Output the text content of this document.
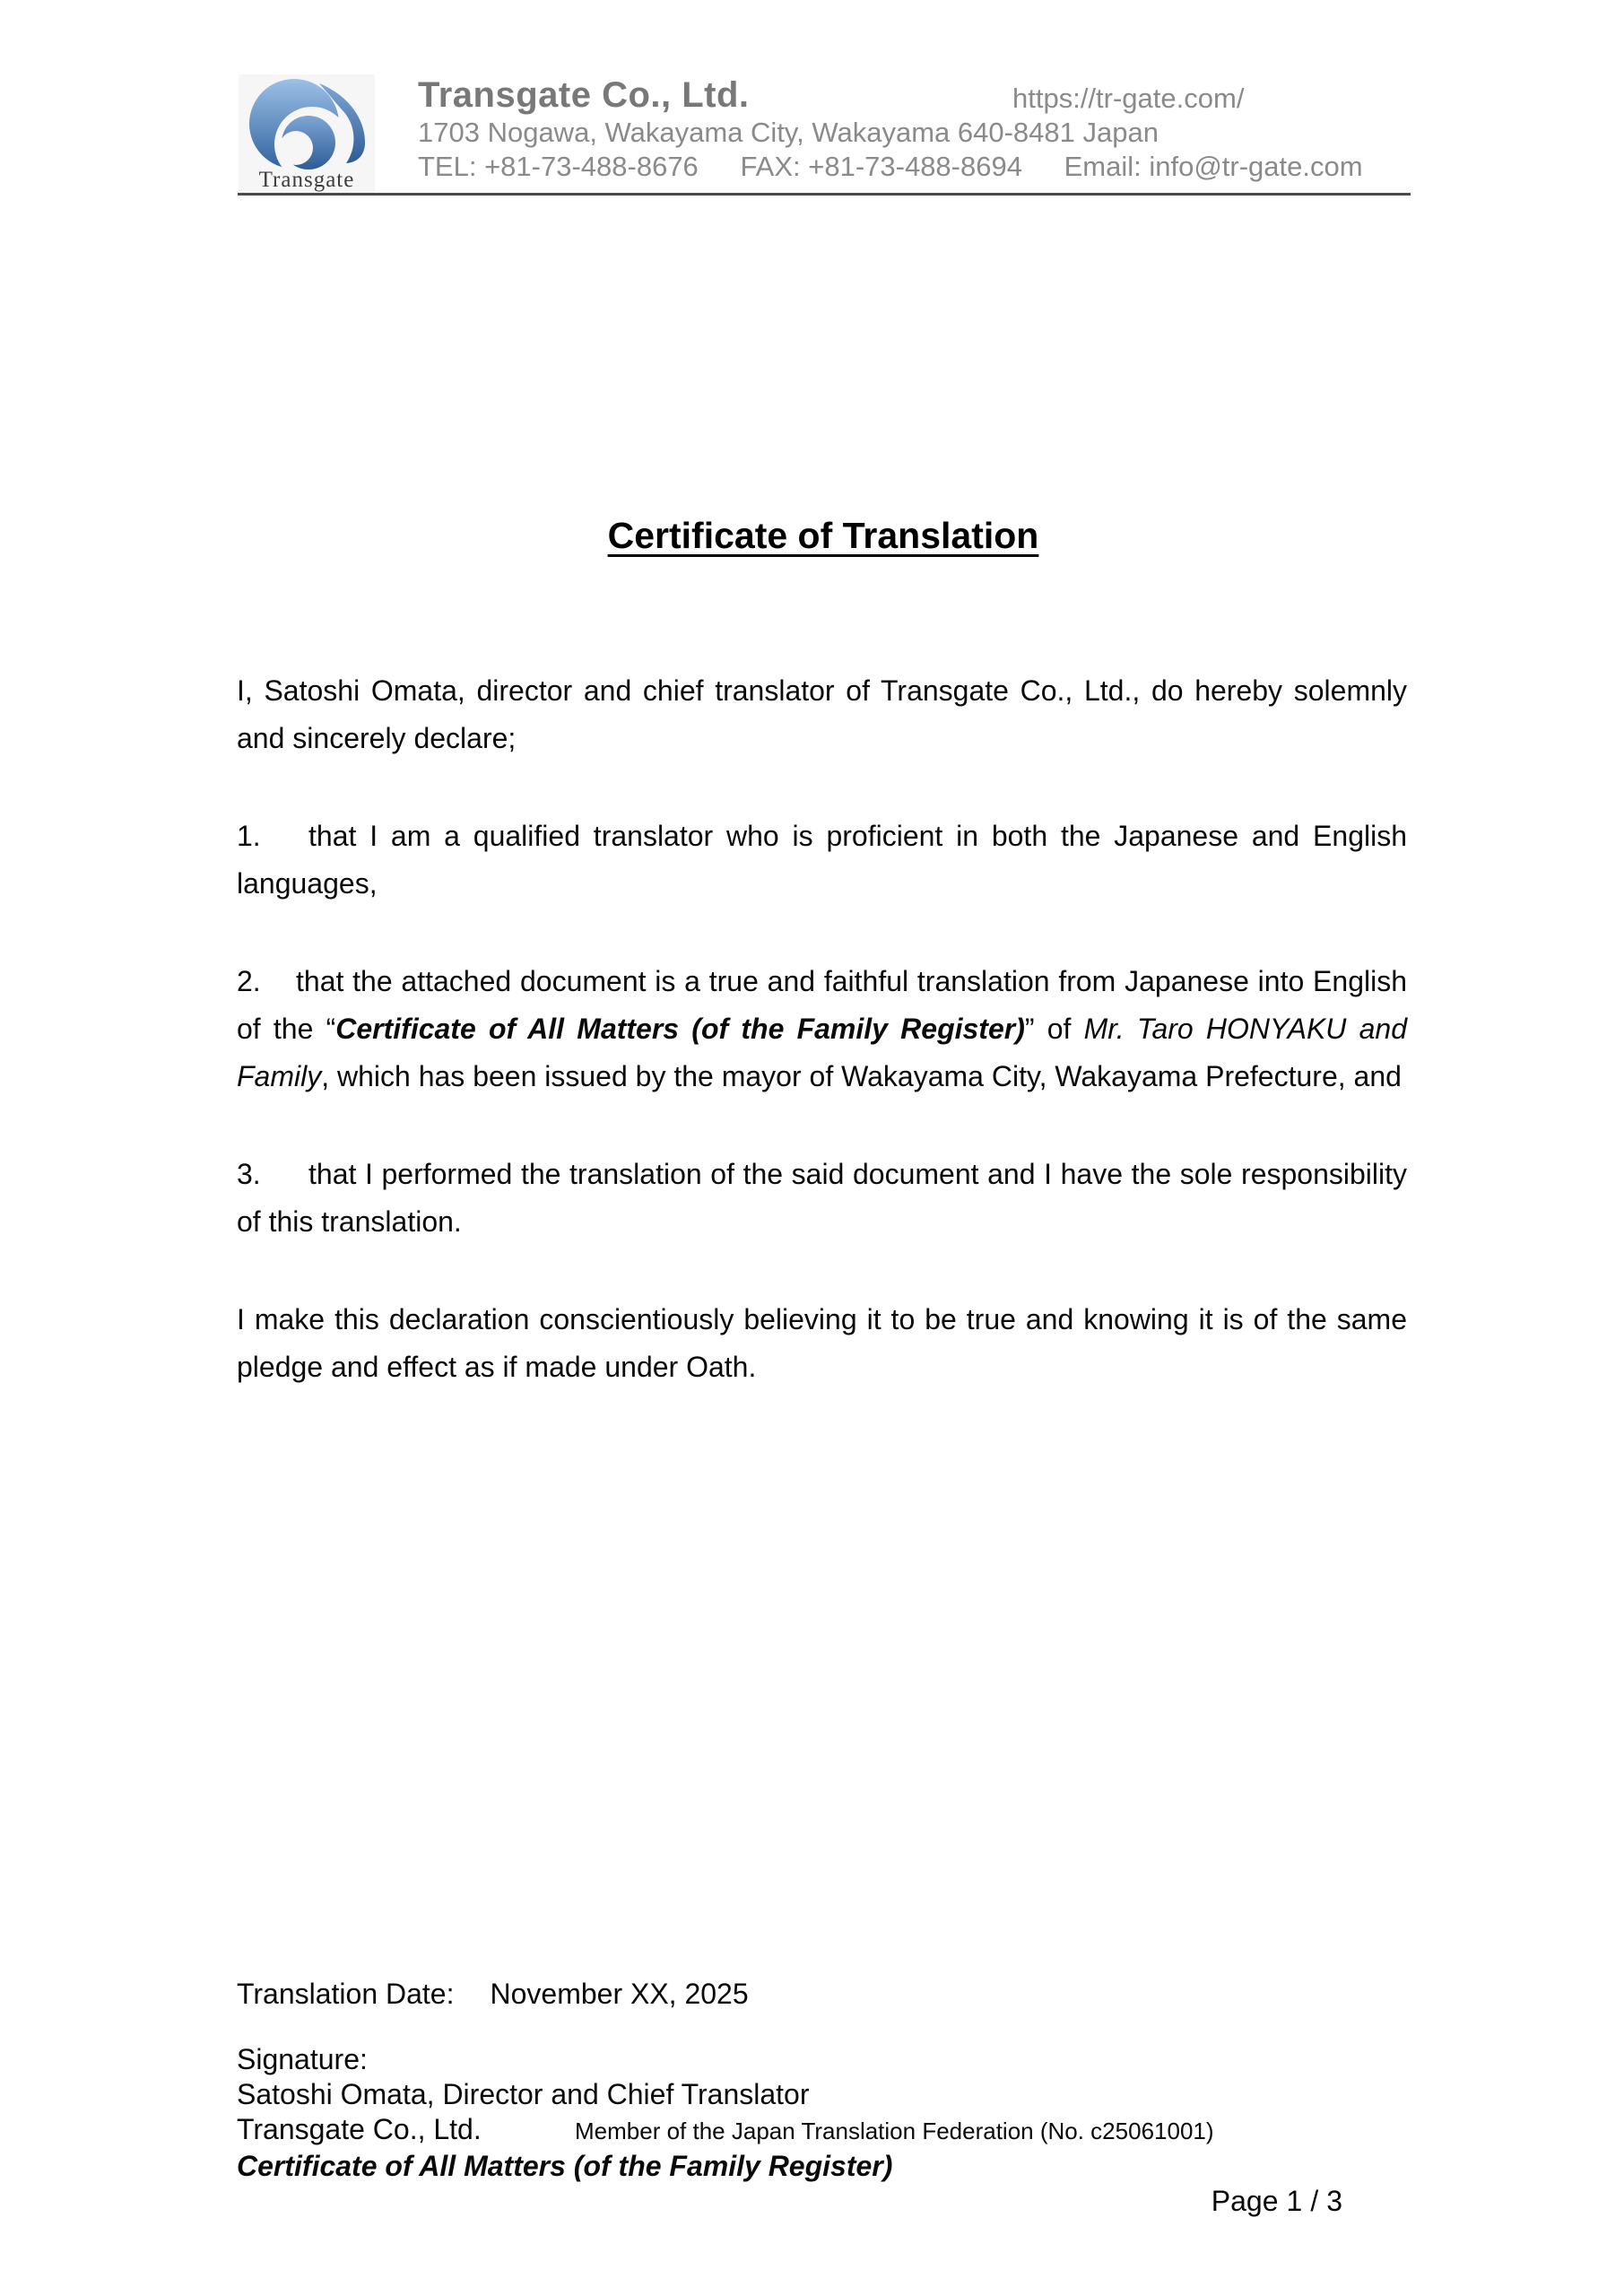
Transgate
Transgate Co., Ltd.	https://tr-gate.com/
1703 Nogawa, Wakayama City, Wakayama 640-8481 Japan
TEL: +81-73-488-8676 FAX: +81-73-488-8694 Email: info@tr-gate.com
Certificate of Translation

I, Satoshi Omata, director and chief translator of Transgate Co., Ltd., do hereby solemnly and sincerely declare;

1. that I am a qualified translator who is proficient in both the Japanese and English languages,

2. that the attached document is a true and faithful translation from Japanese into English of the “Certificate of All Matters (of the Family Register)” of Mr. Taro HONYAKU and Family, which has been issued by the mayor of Wakayama City, Wakayama Prefecture, and

3. that I performed the translation of the said document and I have the sole responsibility of this translation.

I make this declaration conscientiously believing it to be true and knowing it is of the same pledge and effect as if made under Oath.

Translation Date: November XX, 2025
Signature:
Satoshi Omata, Director and Chief Translator
Transgate Co., Ltd.	Member of the Japan Translation Federation (No. c25061001)
Certificate of All Matters (of the Family Register)
Page 1 / 3
